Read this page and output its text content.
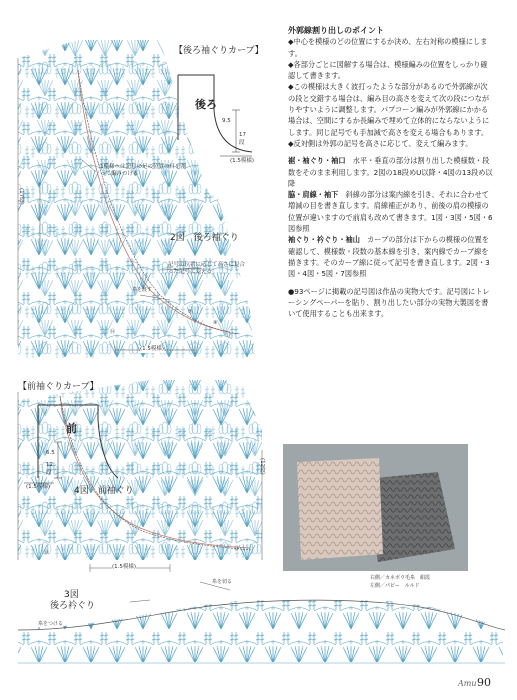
【後ろ袖ぐりカーブ】
後ろ
9.5
17
段
(1.5模様)
1模様へは記号の足の位置の目を割って編みつける
(17段)
2図　後ろ袖ぐり
記号の位置に応じて高さに見合った記号に変える
糸を渡す
(1.5模様)
【前袖ぐりカーブ】
前
6.5
12
段
(1.5模様)
(12段)
4図　前袖ぐり
(1.5模様)
3図
後ろ衿ぐり
糸を切る
糸をつける
⑭
⑬
⑨
⑦
⑱
⑬

外郭線割り出しのポイント

◆中心を模様のどの位置にするか決め、左右対称の模様にします。

◆各部分ごとに図解する場合は、模様編みの位置をしっかり確認して書きます。

◆この模様は大きく波打ったような部分があるので外郭線が次の段と交錯する場合は、編み目の高さを変えて次の段につながりやすいように調整します。パプコーン編みが外郭線にかかる場合は、空間にするか長編みで埋めて立体的にならないようにします。同じ記号でも手加減で高さを変える場合もあります。

◆反対側は外郭の記号を高さに応じて、変えて編みます。

裾・袖ぐり・袖口　 水平・垂直の部分は割り出した模様数・段数をそのまま利用します。2図の18段めU以降・4図の13段め以降

脇・肩線・袖下　 斜線の部分は案内線を引き、それに合わせて増減の目を書き直します。肩線補正があり、前後の肩の模様の位置が違いますので前肩も改めて書きます。1図・3図・5図・6図参照

袖ぐり・衿ぐり・袖山　 カーブの部分は下からの模様の位置を確認して、模様数・段数の基本線を引き、案内線でカーブ線を描きます。そのカーブ線に従って記号を書き直します。2図・3図・4図・5図・7図参照

●93ページに掲載の記号図は作品の実物大です。記号図にトレーシングペーパーを貼り、割り出したい部分の実物大製図を書いて使用することも出来ます。

右側／カネボウ毛糸　絹霞
左側／パピー　ルルド
Amu 90
